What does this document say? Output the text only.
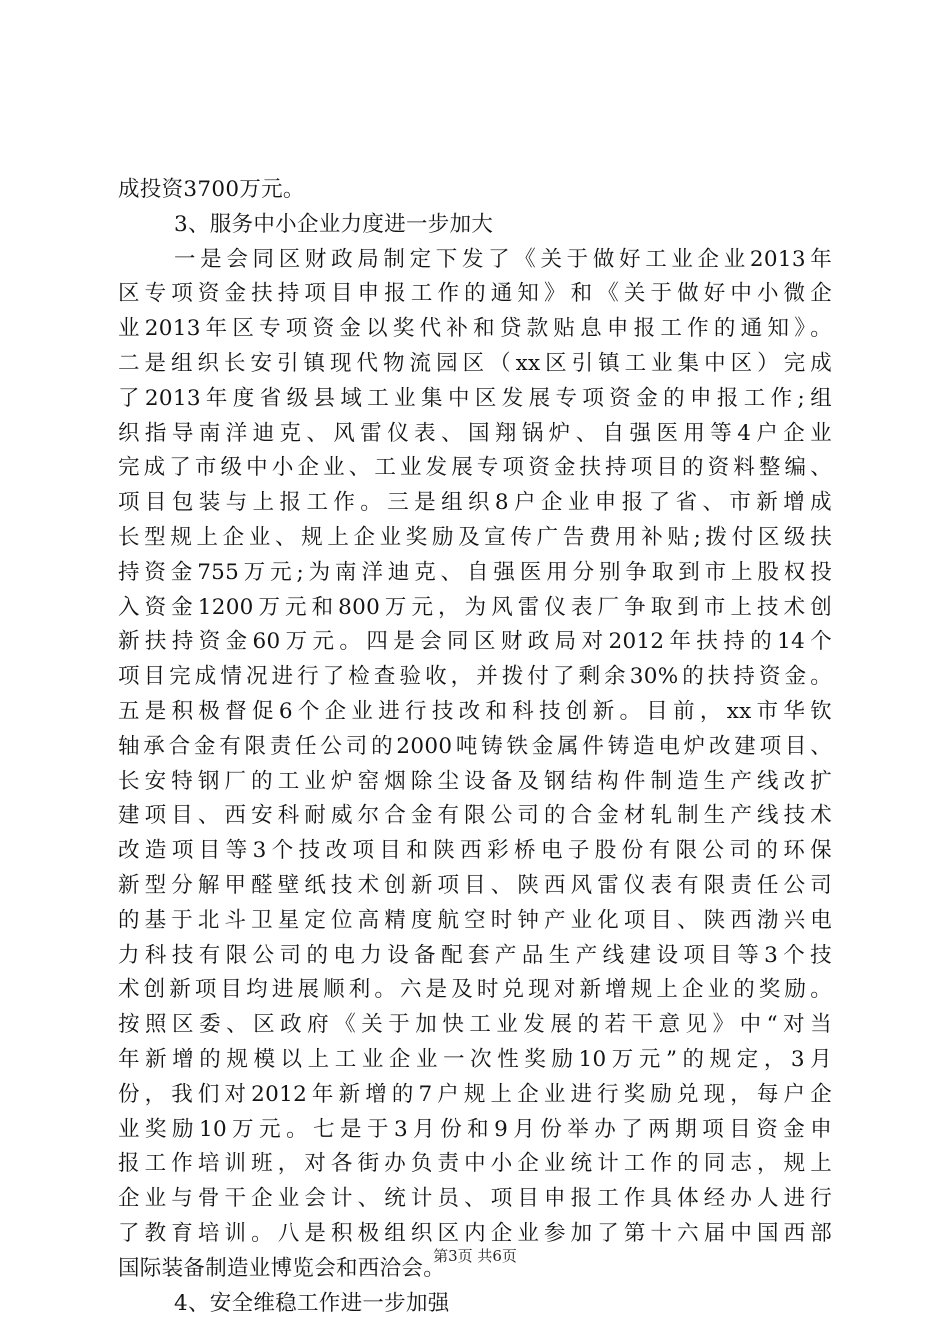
成投资3700万元。

3、服务中小企业力度进一步加大

一是会同区财政局制定下发了《关于做好工业企业2013年

区专项资金扶持项目申报工作的通知》和《关于做好中小微企

业2013年区专项资金以奖代补和贷款贴息申报工作的通知》。

二是组织长安引镇现代物流园区（xx区引镇工业集中区）完成

了2013年度省级县域工业集中区发展专项资金的申报工作;组

织指导南洋迪克、风雷仪表、国翔锅炉、自强医用等4户企业

完成了市级中小企业、工业发展专项资金扶持项目的资料整编、

项目包装与上报工作。三是组织8户企业申报了省、市新增成

长型规上企业、规上企业奖励及宣传广告费用补贴;拨付区级扶

持资金755万元;为南洋迪克、自强医用分别争取到市上股权投

入资金1200万元和800万元，为风雷仪表厂争取到市上技术创

新扶持资金60万元。四是会同区财政局对2012年扶持的14个

项目完成情况进行了检查验收，并拨付了剩余30%的扶持资金。

五是积极督促6个企业进行技改和科技创新。目前，xx市华钦

轴承合金有限责任公司的2000吨铸铁金属件铸造电炉改建项目、

长安特钢厂的工业炉窑烟除尘设备及钢结构件制造生产线改扩

建项目、西安科耐威尔合金有限公司的合金材轧制生产线技术

改造项目等3个技改项目和陕西彩桥电子股份有限公司的环保

新型分解甲醛壁纸技术创新项目、陕西风雷仪表有限责任公司

的基于北斗卫星定位高精度航空时钟产业化项目、陕西渤兴电

力科技有限公司的电力设备配套产品生产线建设项目等3个技

术创新项目均进展顺利。六是及时兑现对新增规上企业的奖励。

按照区委、区政府《关于加快工业发展的若干意见》中“对当

年新增的规模以上工业企业一次性奖励10万元”的规定，3月

份，我们对2012年新增的7户规上企业进行奖励兑现，每户企

业奖励10万元。七是于3月份和9月份举办了两期项目资金申

报工作培训班，对各街办负责中小企业统计工作的同志，规上

企业与骨干企业会计、统计员、项目申报工作具体经办人进行

了教育培训。八是积极组织区内企业参加了第十六届中国西部

国际装备制造业博览会和西洽会。

4、安全维稳工作进一步加强

第3页 共6页
